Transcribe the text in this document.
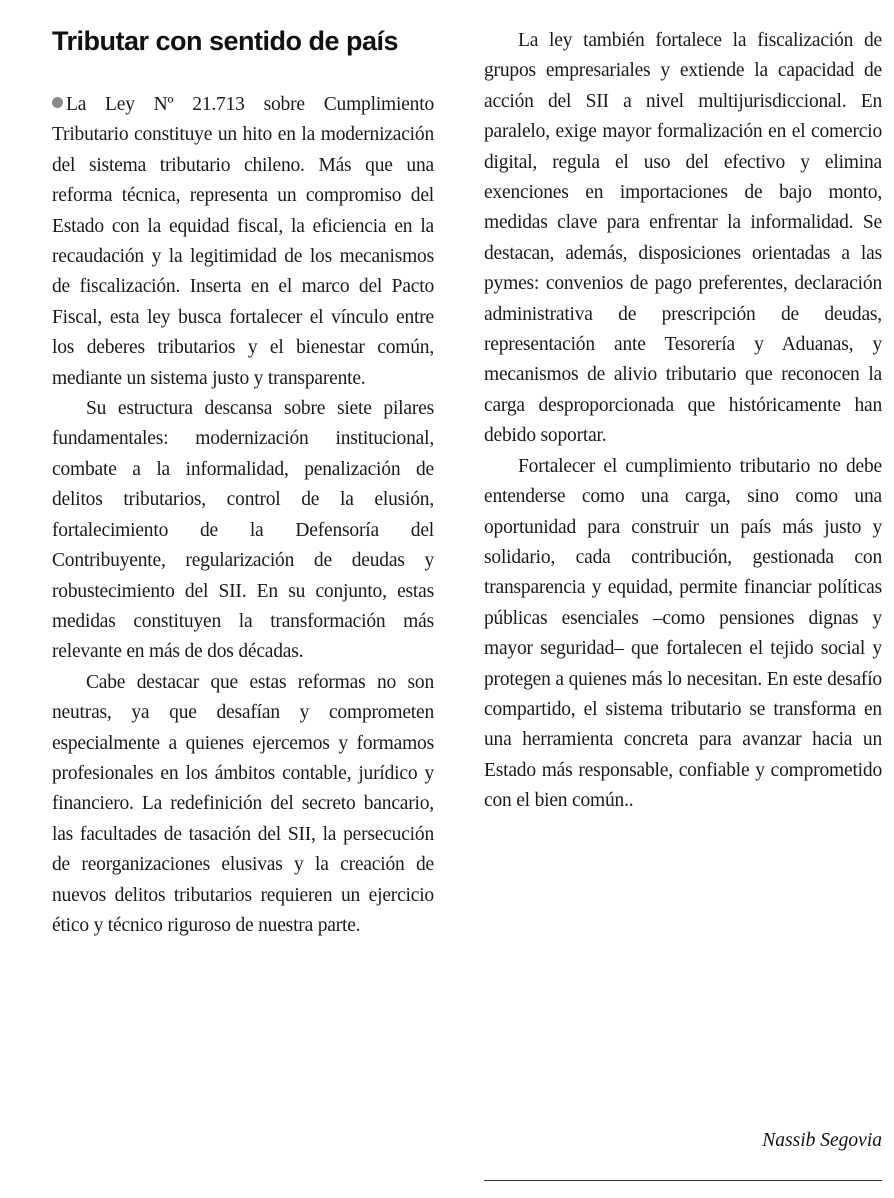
Tributar con sentido de país

La Ley Nº 21.713 sobre Cumplimiento Tributario constituye un hito en la modernización del sistema tributario chileno. Más que una reforma técnica, representa un compromiso del Estado con la equidad fiscal, la eficiencia en la recaudación y la legitimidad de los mecanismos de fiscalización. Inserta en el marco del Pacto Fiscal, esta ley busca fortalecer el vínculo entre los deberes tributarios y el bienestar común, mediante un sistema justo y transparente.

Su estructura descansa sobre siete pilares fundamentales: modernización institucional, combate a la informalidad, penalización de delitos tributarios, control de la elusión, fortalecimiento de la Defensoría del Contribuyente, regularización de deudas y robustecimiento del SII. En su conjunto, estas medidas constituyen la transformación más relevante en más de dos décadas.

Cabe destacar que estas reformas no son neutras, ya que desafían y comprometen especialmente a quienes ejercemos y formamos profesionales en los ámbitos contable, jurídico y financiero. La redefinición del secreto bancario, las facultades de tasación del SII, la persecución de reorganizaciones elusivas y la creación de nuevos delitos tributarios requieren un ejercicio ético y técnico riguroso de nuestra parte.

La ley también fortalece la fiscalización de grupos empresariales y extiende la capacidad de acción del SII a nivel multijurisdiccional. En paralelo, exige mayor formalización en el comercio digital, regula el uso del efectivo y elimina exenciones en importaciones de bajo monto, medidas clave para enfrentar la informalidad. Se destacan, además, disposiciones orientadas a las pymes: convenios de pago preferentes, declaración administrativa de prescripción de deudas, representación ante Tesorería y Aduanas, y mecanismos de alivio tributario que reconocen la carga desproporcionada que históricamente han debido soportar.

Fortalecer el cumplimiento tributario no debe entenderse como una carga, sino como una oportunidad para construir un país más justo y solidario, cada contribución, gestionada con transparencia y equidad, permite financiar políticas públicas esenciales –como pensiones dignas y mayor seguridad– que fortalecen el tejido social y protegen a quienes más lo necesitan. En este desafío compartido, el sistema tributario se transforma en una herramienta concreta para avanzar hacia un Estado más responsable, confiable y comprometido con el bien común..

Nassib Segovia
